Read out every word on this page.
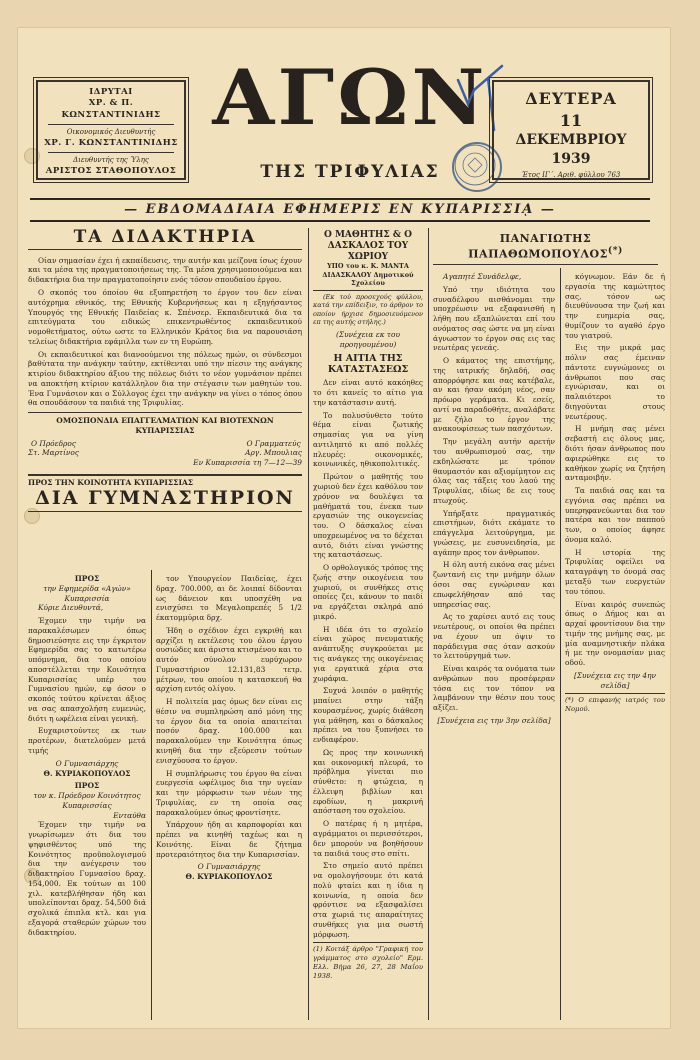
ΙΔΡΥΤΑΙ
ΧΡ. & Π. ΚΩΝΣΤΑΝΤΙΝΙΔΗΣ
Οικονομικός Διευθυντής
ΧΡ. Γ. ΚΩΝΣΤΑΝΤΙΝΙΔΗΣ
Διευθυντής της Ύλης
ΑΡΙΣΤΟΣ ΣΤΑΘΟΠΟΥΛΟΣ
ΑΓΩΝ
ΤΗΣ ΤΡΙΦΥΛΙΑΣ
ΔΕΥΤΕΡΑ
11
ΔΕΚΕΜΒΡΙΟΥ
1939
Έτος ΙΓ΄. Αριθ. φύλλου 763
— ΕΒΔΟΜΑΔΙΑΙΑ ΕΦΗΜΕΡΙΣ ΕΝ ΚΥΠΑΡΙΣΣΙᾼ —
ΤΑ ΔΙΔΑΚΤΗΡΙΑ

Οίαν σημασίαν έχει ή εκπαίδευσις, την αυτήν και μείζονα ίσως έχουν και τα μέσα της πραγματοποιήσεως της. Τα μέσα χρησιμοποιούμενα και διδακτήρια δια την πραγματοποίησιν ενός τόσον σπουδαίου έργου.

Ο σκοπός του όποίου θα εξυπηρετήση το έργον του δεν είναι αυτόχρημα εθνικός, της Εθνικής Κυβερνήσεως και η εξηγήσαντος Υπουργός της Εθνικής Παιδείας κ. Σπένσερ. Εκπαιδευτικά δια τα επιτεύγματα του ειδικώς επικεντρωθέντος εκπαιδευτικού νομοθετήματος, ούτω ωστε το Ελληνικόν Κράτος δια να παρουσιάση τελείως διδακτήρια εφάμιλλα των εν τη Ευρώπη.

Οι εκπαιδευτικοί και διανοούμενοι της πόλεως ημών, οι σύνδεσμοι βαθύτατα την ανάγκην ταύτην, εκτίθενται υπό την πίεσιν της ανάγκης κτιρίου διδακτηρίου άξιου της πόλεως διότι το νέον γυμνάσιον πρέπει να αποκτήση κτίριον κατάλληλον δια την στέγασιν των μαθητών του. Ένα Γυμνάσιον και ο Σύλλογος έχει την ανάγκην να γίνει ο τόπος όπου θα σπουδάσουν τα παιδιά της Τριφυλίας.

ΟΜΟΣΠΟΝΔΙΑ ΕΠΑΓΓΕΛΜΑΤΙΩΝ ΚΑΙ ΒΙΟΤΕΧΝΩΝ ΚΥΠΑΡΙΣΣΙΑΣ
Ο Πρόεδρος
Στ. Μαρτίνος
Ο Γραμματεύς
Αργ. Μπουλιας
Εν Κυπαρισσία τη 7—12—39
ΠΡΟΣ ΤΗΝ ΚΟΙΝΟΤΗΤΑ ΚΥΠΑΡΙΣΣΙΑΣ
ΔΙΑ ΓΥΜΝΑΣΤΗΡΙΟΝ
ΠΡΟΣ
την Εφημερίδα «Αγών» Κυπαρισσία

Κύριε Διευθυντά,

Έχομεν την τιμήν να παρακαλέσωμεν όπως δημοσιεύσητε εις την έγκριτον Εφημερίδα σας το κατωτέρω υπόμνημα, δια του οποίου αποστέλλεται την Κοινότητα Κυπαρισσίας υπέρ του Γυμνασίου ημών, εφ όσον ο σκοπός τούτου κρίνεται άξιος να σας απασχολήση ευμενώς, διότι η ωφέλεια είναι γενική.

Ευχαριστούντες εκ των προτέρων, διατελούμεν μετά τιμής

Ο Γυμνασιάρχης
Θ. ΚΥΡΙΑΚΟΠΟΥΛΟΣ
ΠΡΟΣ
τον κ. Πρόεδρον Κοινότητος Κυπαρισσίας
Ενταύθα

Έχομεν την τιμήν να γνωρίσωμεν ότι δια του ψηφισθέντος υπό της Κοινότητος προϋπολογισμού δια την ανέγερσιν του διδακτηρίου Γυμνασίου δραχ. 154,000. Εκ τούτων αι 100 χιλ. κατεβλήθησαν ήδη και υπολείπονται δραχ. 54,500 διά σχολικά έπιπλα κτλ. και για εξαγορά σταθερών χώρων του διδακτηρίου.

τον Υπουργείον Παιδείας, έχει δραχ. 700.000, αι δε λοιπαί δίδονται ως δάνειον και υποσχέθη να ενισχύσει το Μεγαλοπρεπές 5 1/2 έκατομμύρια δρχ.

Ήδη ο σχέδιον έχει εγκριθή και αρχίζει η εκτέλεσις του όλου έργου ουσιώδες και άριστα κτισμένου και το αυτόν σύνολον ευρύχωρον Γυμναστήριον 12.131,83 τετρ. μέτρων, του οποίου η κατασκευή θα αρχίση εντός ολίγου.

Η πολιτεία μας όμως δεν είναι εις θέσιν να συμπληρώση από μόνη της το έργον δια τα οποία απαιτείται ποσόν δραχ. 100.000 και παρακαλούμεν την Κοινότητα όπως κινηθή δια την εξεύρεσιν τούτων ενισχύουσα το έργον.

Η συμπλήρωσις του έργου θα είναι ευεργεσία ωφέλιμος δια την υγείαν και την μόρφωσιν των νέων της Τριφυλίας, εν τη οποία σας παρακαλούμεν όπως φροντίσητε.

Υπάρχουν ήδη αι καρποφορίαι και πρέπει να κινηθή ταχέως και η Κοινότης. Είναι δε ζήτημα προτεραιότητος δια την Κυπαρισσίαν.

Ο Γυμνασιάρχης
Θ. ΚΥΡΙΑΚΟΠΟΥΛΟΣ
Ο ΜΑΘΗΤΗΣ & Ο ΔΑΣΚΑΛΟΣ ΤΟΥ ΧΩΡΙΟΥ
ΥΠΟ του κ. Κ. ΜΑΝΤΑ ΔΙΔΑΣΚΑΛΟΥ Δημοτικού Σχολείου

(Εκ τού προσεχούς φύλλου, κατά την επίδειξιν, το άρθρον το οποίον ήρχισε δημοσιευόμενον επ της αυτής στήλης.)

(Συνέχεια εκ του προηγουμένου)
Η ΑΙΤΙΑ ΤΗΣ ΚΑΤΑΣΤΑΣΕΩΣ

Δεν είναι αυτό κακόηθες το ότι κανείς το αίτιο για την κατάστασιν αυτή.

Το πολυσύνθετο τούτο θέμα είναι ζωτικής σημασίας για να γίνη αντιληπτό κι από πολλές πλευρές: οικονομικές, κοινωνικές, ηθικοπολιτικές.

Πρώτον ο μαθητής του χωριού δεν έχει καθόλου τον χρόνον να δουλέψει τα μαθήματά του, ένεκα των εργασιών της οικογενείας του. Ο δάσκαλος είναι υποχρεωμένος να το δέχεται αυτό, διότι είναι γνώστης της καταστάσεως.

Ο ορθολογικός τρόπος της ζωής στην οικογένεια του χωριού, οι συνθήκες στις οποίες ζει, κάνουν το παιδί να εργάζεται σκληρά από μικρό.

Η ιδέα ότι το σχολείο είναι χώρος πνευματικής ανάπτυξης συγκρούεται με τις ανάγκες της οικογένειας για εργατικά χέρια στα χωράφια.

Συχνά λοιπόν ο μαθητής μπαίνει στην τάξη κουρασμένος, χωρίς διάθεση για μάθηση, και ο δάσκαλος πρέπει να του ξυπνήσει το ενδιαφέρον.

Ως προς την κοινωνική και οικονομική πλευρά, το πρόβλημα γίνεται πιο σύνθετο: η φτώχεια, η έλλειψη βιβλίων και εφοδίων, η μακρινή απόσταση του σχολείου.

Ο πατέρας ή η μητέρα, αγράμματοι οι περισσότεροι, δεν μπορούν να βοηθήσουν τα παιδιά τους στο σπίτι.

Στο σημείο αυτό πρέπει να ομολογήσουμε ότι κατά πολύ φταίει και η ίδια η κοινωνία, η οποία δεν φρόντισε να εξασφαλίσει στα χωριά τις απαραίτητες συνθήκες για μια σωστή μόρφωση.

(1) Κοιτάξ άρθρο "Γραφική του γράμματος στο σχολείο" Ερμ. Ελλ. Βήμα 26, 27, 28 Μαΐου 1938.
ΠΑΝΑΓΙΩΤΗΣ ΠΑΠΑΘΩΜΟΠΟΥΛΟΣ(*)

Αγαπητέ Συνάδελφε,

Υπό την ιδιότητα του συναδέλφου αισθάνομαι την υποχρέωσιν να εξαφανισθή η λήθη που εξαπλώνεται επί του ονόματος σας ώστε να μη είναι άγνωστον το έργον σας εις τας νεωτέρας γενεάς.

Ο κάματος της επιστήμης, της ιατρικής δηλαδή, σας απορρόφησε και σας κατέβαλε, αν και ήσαν ακόμη νέος, σαν πρόωρο γεράματα. Κι εσείς, αντί να παραδοθήτε, αναλάβατε με ζήλο το έργον της ανακουφίσεως των πασχόντων.

Την μεγάλη αυτήν αρετήν του ανθρωπισμού σας, την εκδηλώσατε με τρόπον θαυμαστόν και αξιομίμητον εις όλας τας τάξεις του λαού της Τριφυλίας, ιδίως δε εις τους πτωχούς.

Υπήρξατε πραγματικός επιστήμων, διότι εκάματε το επάγγελμα λειτούργημα, με γνώσεις, με ευσυνειδησία, με αγάπην προς τον άνθρωπον.

Η όλη αυτή εικόνα σας μένει ζωντανή εις την μνήμην όλων όσοι σας εγνώρισαν και επωφελήθησαν από τας υπηρεσίας σας.

Ας το χαρίσει αυτό εις τους νεωτέρους, οι οποίοι θα πρέπει να έχουν υπ όψιν το παράδειγμα σας όταν ασκούν το λειτούργημά των.

Είναι καιρός τα ονόματα των ανθρώπων που προσέφεραν τόσα εις τον τόπον να λαμβάνουν την θέσιν που τους αξίζει.

[Συνέχεια εις την 3ην σελίδα]

κόγνωμον. Εάν δε ή εργασία της καμώτητος σας, τόσον ως διευθύνουσα την ζωή και την ευημερία σας, θυμίζουν το αγαθό έργο του γιατρού.

Εις την μικρά μας πόλιν σας έμειναν πάντοτε ευγνώμονες οι άνθρωποι που σας εγνώρισαν, και οι παλαιότεροι το διηγούνται στους νεωτέρους.

Η μνήμη σας μένει σεβαστή εις όλους μας, διότι ήσαν άνθρωπος που αφιερώθηκε εις το καθήκον χωρίς να ζητήση ανταμοιβήν.

Τα παιδιά σας και τα εγγόνια σας πρέπει να υπερηφανεύωνται δια τον πατέρα και τον παππού των, ο οποίος άφησε όνομα καλό.

Η ιστορία της Τριφυλίας οφείλει να καταγράψη το όνομά σας μεταξύ των ευεργετών του τόπου.

Είναι καιρός συνεπώς όπως ο Δήμος και αι αρχαί φροντίσουν δια την τιμήν της μνήμης σας, με μία αναμνηστικήν πλάκα ή με την ονομασίαν μιας οδού.

[Συνέχεια εις την 4ην σελίδα]
(*) Ο επιφανής ιατρός του Νομού.
